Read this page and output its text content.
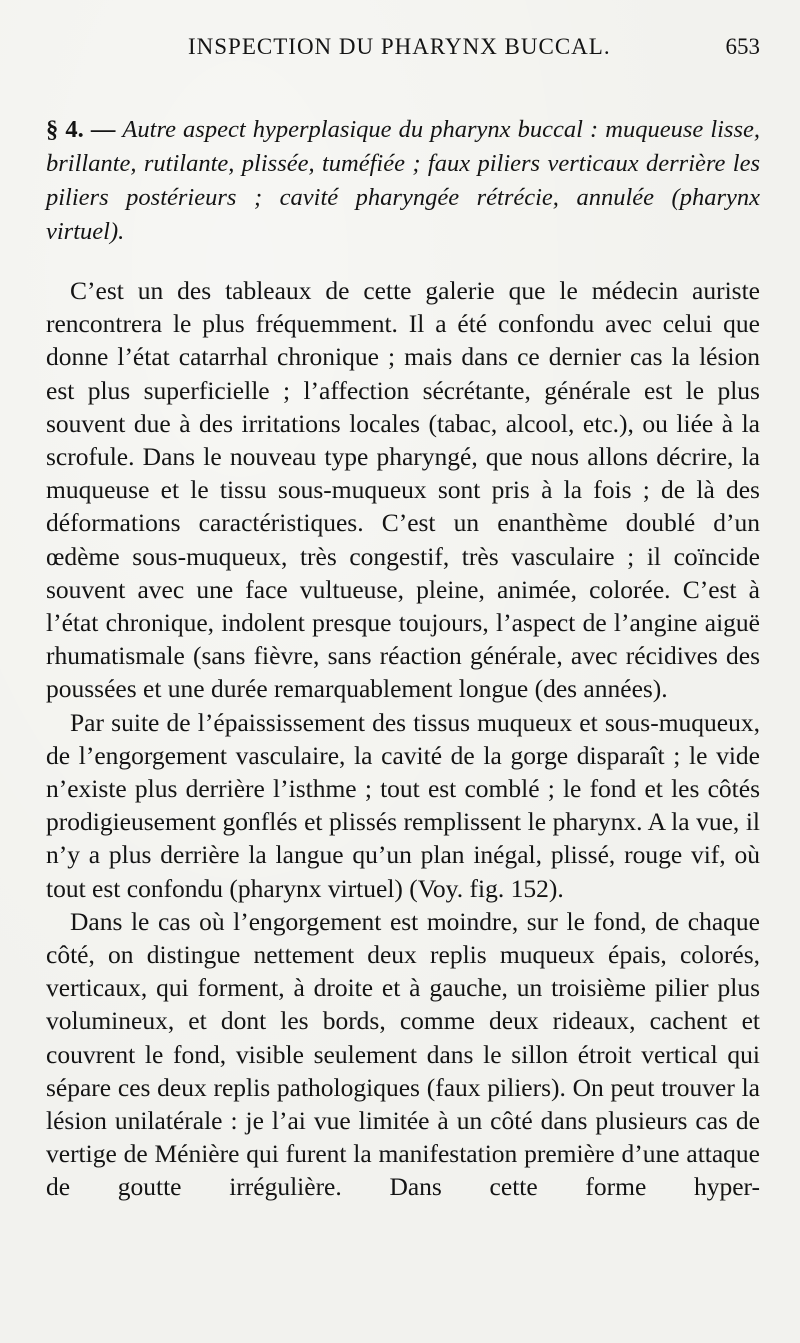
INSPECTION DU PHARYNX BUCCAL.	653
§ 4. — Autre aspect hyperplasique du pharynx buccal : muqueuse lisse, brillante, rutilante, plissée, tuméfiée ; faux piliers verticaux derrière les piliers postérieurs ; cavité pharyngée rétrécie, annulée (pharynx virtuel).

C’est un des tableaux de cette galerie que le médecin auriste rencontrera le plus fréquemment. Il a été confondu avec celui que donne l’état catarrhal chronique ; mais dans ce dernier cas la lésion est plus superficielle ; l’affection sécrétante, générale est le plus souvent due à des irritations locales (tabac, alcool, etc.), ou liée à la scrofule. Dans le nouveau type pharyngé, que nous allons décrire, la muqueuse et le tissu sous-muqueux sont pris à la fois ; de là des déformations caractéristiques. C’est un enanthème doublé d’un œdème sous-muqueux, très congestif, très vasculaire ; il coïncide souvent avec une face vultueuse, pleine, animée, colorée. C’est à l’état chronique, indolent presque toujours, l’aspect de l’angine aiguë rhumatismale (sans fièvre, sans réaction générale, avec récidives des poussées et une durée remarquablement longue (des années).

Par suite de l’épaississement des tissus muqueux et sous-muqueux, de l’engorgement vasculaire, la cavité de la gorge disparaît ; le vide n’existe plus derrière l’isthme ; tout est comblé ; le fond et les côtés prodigieusement gonflés et plissés remplissent le pharynx. A la vue, il n’y a plus derrière la langue qu’un plan inégal, plissé, rouge vif, où tout est confondu (pharynx virtuel) (Voy. fig. 152).

Dans le cas où l’engorgement est moindre, sur le fond, de chaque côté, on distingue nettement deux replis muqueux épais, colorés, verticaux, qui forment, à droite et à gauche, un troisième pilier plus volumineux, et dont les bords, comme deux rideaux, cachent et couvrent le fond, visible seulement dans le sillon étroit vertical qui sépare ces deux replis pathologiques (faux piliers). On peut trouver la lésion unilatérale : je l’ai vue limitée à un côté dans plusieurs cas de vertige de Ménière qui furent la manifestation première d’une attaque de goutte irrégulière. Dans cette forme hyper-
